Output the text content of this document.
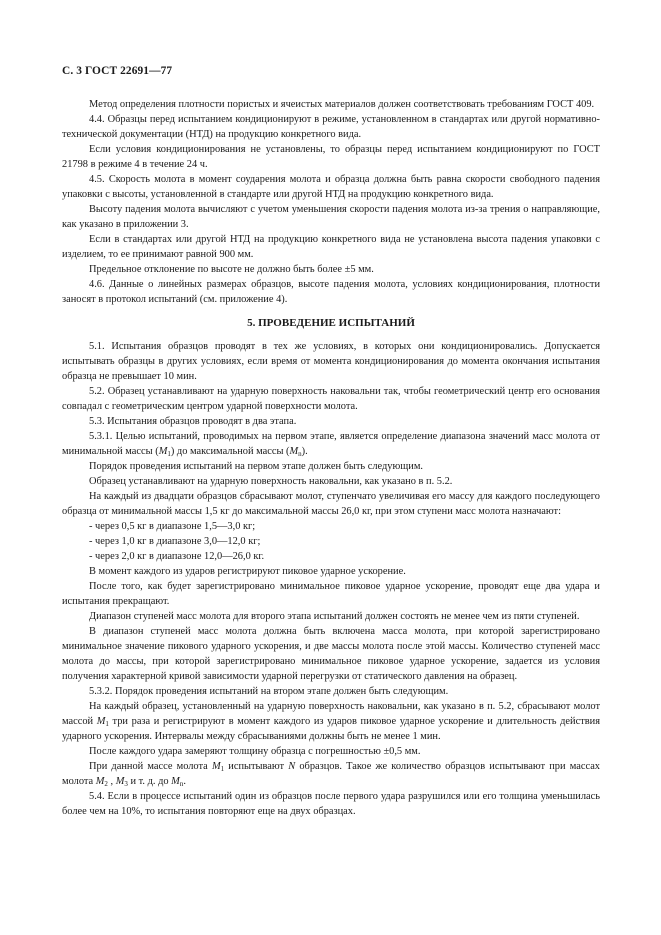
С. 3 ГОСТ 22691—77

Метод определения плотности пористых и ячеистых материалов должен соответствовать требованиям ГОСТ 409.

4.4. Образцы перед испытанием кондиционируют в режиме, установленном в стандартах или другой нормативно-технической документации (НТД) на продукцию конкретного вида.

Если условия кондиционирования не установлены, то образцы перед испытанием кондиционируют по ГОСТ 21798 в режиме 4 в течение 24 ч.

4.5. Скорость молота в момент соударения молота и образца должна быть равна скорости свободного падения упаковки с высоты, установленной в стандарте или другой НТД на продукцию конкретного вида.

Высоту падения молота вычисляют с учетом уменьшения скорости падения молота из-за трения о направляющие, как указано в приложении 3.

Если в стандартах или другой НТД на продукцию конкретного вида не установлена высота падения упаковки с изделием, то ее принимают равной 900 мм.

Предельное отклонение по высоте не должно быть более ±5 мм.

4.6. Данные о линейных размерах образцов, высоте падения молота, условиях кондиционирования, плотности заносят в протокол испытаний (см. приложение 4).

5. ПРОВЕДЕНИЕ ИСПЫТАНИЙ

5.1. Испытания образцов проводят в тех же условиях, в которых они кондиционировались. Допускается испытывать образцы в других условиях, если время от момента кондиционирования до момента окончания испытания образца не превышает 10 мин.

5.2. Образец устанавливают на ударную поверхность наковальни так, чтобы геометрический центр его основания совпадал с геометрическим центром ударной поверхности молота.

5.3. Испытания образцов проводят в два этапа.

5.3.1. Целью испытаний, проводимых на первом этапе, является определение диапазона значений масс молота от минимальной массы $(M_1)$ до максимальной массы $(M_n)$.

Порядок проведения испытаний на первом этапе должен быть следующим.

Образец устанавливают на ударную поверхность наковальни, как указано в п. 5.2.

На каждый из двадцати образцов сбрасывают молот, ступенчато увеличивая его массу для каждого последующего образца от минимальной массы 1,5 кг до максимальной массы 26,0 кг, при этом ступени масс молота назначают:

- через 0,5 кг в диапазоне 1,5—3,0 кг;

- через 1,0 кг в диапазоне 3,0—12,0 кг;

- через 2,0 кг в диапазоне 12,0—26,0 кг.

В момент каждого из ударов регистрируют пиковое ударное ускорение.

После того, как будет зарегистрировано минимальное пиковое ударное ускорение, проводят еще два удара и испытания прекращают.

Диапазон ступеней масс молота для второго этапа испытаний должен состоять не менее чем из пяти ступеней.

В диапазон ступеней масс молота должна быть включена масса молота, при которой зарегистрировано минимальное значение пикового ударного ускорения, и две массы молота после этой массы. Количество ступеней масс молота до массы, при которой зарегистрировано минимальное пиковое ударное ускорение, задается из условия получения характерной кривой зависимости ударной перегрузки от статического давления на образец.

5.3.2. Порядок проведения испытаний на втором этапе должен быть следующим.

На каждый образец, установленный на ударную поверхность наковальни, как указано в п. 5.2, сбрасывают молот массой $M_1$ три раза и регистрируют в момент каждого из ударов пиковое ударное ускорение и длительность действия ударного ускорения. Интервалы между сбрасываниями должны быть не менее 1 мин.

После каждого удара замеряют толщину образца с погрешностью ±0,5 мм.

При данной массе молота $M_1$ испытывают N образцов. Такое же количество образцов испытывают при массах молота $M_2$ , $M_3$ и т. д. до $M_n$.

5.4. Если в процессе испытаний один из образцов после первого удара разрушился или его толщина уменьшилась более чем на 10%, то испытания повторяют еще на двух образцах.
